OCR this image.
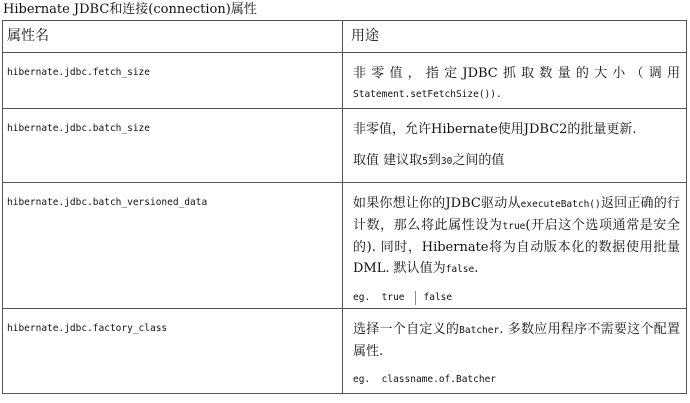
Hibernate JDBC和连接(connection)属性
属性名	用途

hibernate.jdbc.fetch_size	非零值，指定JDBC抓取数量的大小（调用
Statement.setFetchSize()).

hibernate.jdbc.batch_size	非零值，允许Hibernate使用JDBC2的批量更新.
取值 建议取5到30之间的值

hibernate.jdbc.batch_versioned_data	如果你想让你的JDBC驱动从executeBatch()返回正确的行计数，那么将此属性设为true(开启这个选项通常是安全的). 同时，Hibernate将为自动版本化的数据使用批量DML. 默认值为false.
eg. true false

hibernate.jdbc.factory_class	选择一个自定义的Batcher. 多数应用程序不需要这个配置属性.
eg. classname.of.Batcher
